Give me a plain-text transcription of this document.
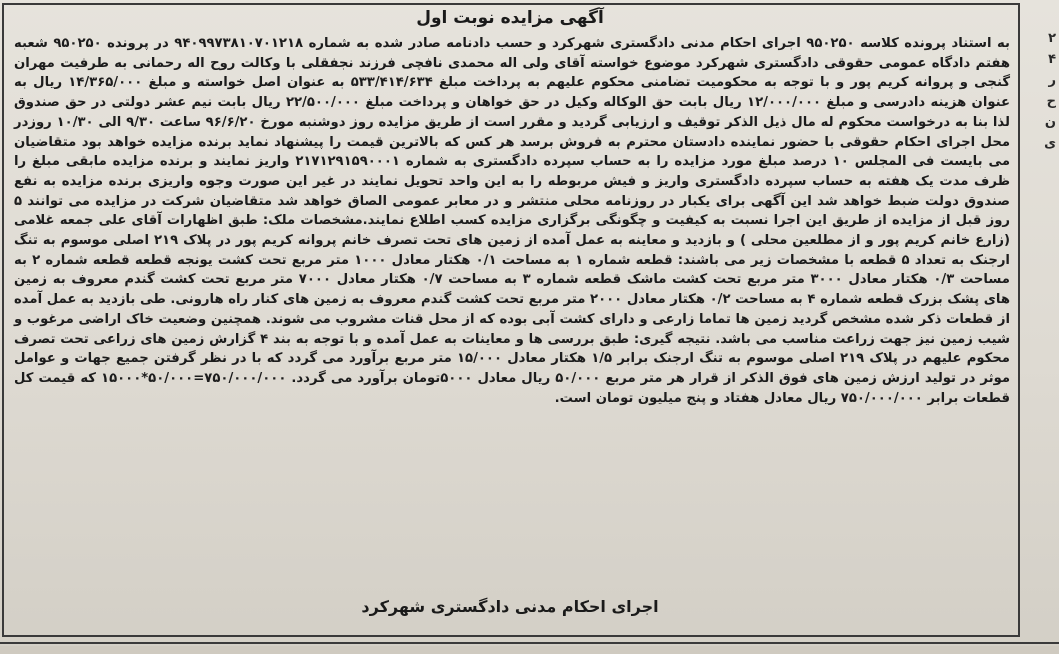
آگهی مزایده نوبت اول

به استناد پرونده کلاسه ۹۵۰۲۵۰ اجرای احکام مدنی دادگستری شهرکرد و حسب دادنامه صادر شده به شماره ۹۴۰۹۹۷۳۸۱۰۷۰۱۲۱۸ در پرونده ۹۵۰۲۵۰ شعبه هفتم دادگاه عمومی حقوقی دادگستری شهرکرد موضوع خواسته آقای ولی اله محمدی نافچی فرزند نجفقلی با وکالت روح اله رحمانی به طرفیت مهران گنجی و پروانه کریم پور و با توجه به محکومیت تضامنی محکوم علیهم به پرداخت مبلغ ۵۳۳/۴۱۴/۶۳۴ به عنوان اصل خواسته و مبلغ ۱۴/۳۶۵/۰۰۰ ریال به عنوان هزینه دادرسی و مبلغ ۱۲/۰۰۰/۰۰۰ ریال بابت حق الوکاله وکیل در حق خواهان و پرداخت مبلغ ۲۲/۵۰۰/۰۰۰ ریال بابت نیم عشر دولتی در حق صندوق لذا بنا به درخواست محکوم له مال ذیل الذکر توقیف و ارزیابی گردید و مقرر است از طریق مزایده روز دوشنبه مورخ ۹۶/۶/۲۰ ساعت ۹/۳۰ الی ۱۰/۳۰ روزدر محل اجرای احکام حقوقی با حضور نماینده دادستان محترم به فروش برسد هر کس که بالاترین قیمت را پیشنهاد نماید برنده مزایده خواهد بود متقاضیان می بایست فی المجلس ۱۰ درصد مبلغ مورد مزایده را به حساب سپرده دادگستری به شماره ۲۱۷۱۲۹۱۵۹۰۰۰۱ واریز نمایند و برنده مزایده مابقی مبلغ را ظرف مدت یک هفته به حساب سپرده دادگستری واریز و فیش مربوطه را به این واحد تحویل نمایند در غیر این صورت وجوه واریزی برنده مزایده به نفع صندوق دولت ضبط خواهد شد این آگهی برای یکبار در روزنامه محلی منتشر و در معابر عمومی الصاق خواهد شد متقاضیان شرکت در مزایده می توانند ۵ روز قبل از مزایده از طریق این اجرا نسبت به کیفیت و چگونگی برگزاری مزایده کسب اطلاع نمایند.مشخصات ملک: طبق اظهارات آقای علی جمعه غلامی (زارع خانم کریم پور و از مطلعین محلی ) و بازدید و معاینه به عمل آمده از زمین های تحت تصرف خانم پروانه کریم پور در پلاک ۲۱۹ اصلی موسوم به تنگ ارجنک به تعداد ۵ قطعه با مشخصات زیر می باشند: قطعه شماره ۱ به مساحت ۰/۱ هکتار معادل ۱۰۰۰ متر مربع تحت کشت یونجه قطعه قطعه شماره ۲ به مساحت ۰/۳ هکتار معادل ۳۰۰۰ متر مربع تحت کشت ماشک قطعه شماره ۳ به مساحت ۰/۷ هکتار معادل ۷۰۰۰ متر مربع تحت کشت گندم معروف به زمین های پشک بزرک قطعه شماره ۴ به مساحت ۰/۲ هکتار معادل ۲۰۰۰ متر مربع تحت کشت گندم معروف به زمین های کنار راه هارونی. طی بازدید به عمل آمده از قطعات ذکر شده مشخص گردید زمین ها تماما زارعی و دارای کشت آبی بوده که از محل قنات مشروب می شوند. همچنین وضعیت خاک اراضی مرغوب و شیب زمین نیز جهت زراعت مناسب می باشد. نتیجه گیری: طبق بررسی ها و معاینات به عمل آمده و با توجه به بند ۴ گزارش زمین های زراعی تحت تصرف محکوم علیهم در پلاک ۲۱۹ اصلی موسوم به تنگ ارجنک برابر ۱/۵ هکتار معادل ۱۵/۰۰۰ متر مربع برآورد می گردد که با در نظر گرفتن جمیع جهات و عوامل موثر در تولید ارزش زمین های فوق الذکر از قرار هر متر مربع ۵۰/۰۰۰ ریال معادل ۵۰۰۰تومان برآورد می گردد. ۷۵۰/۰۰۰/۰۰۰=۵۰/۰۰۰*۱۵۰۰۰ که قیمت کل قطعات برابر ۷۵۰/۰۰۰/۰۰۰ ریال معادل هفتاد و پنج میلیون تومان است.

اجرای احکام مدنی دادگستری شهرکرد
۲
۴
ر
ح
ن
ی
